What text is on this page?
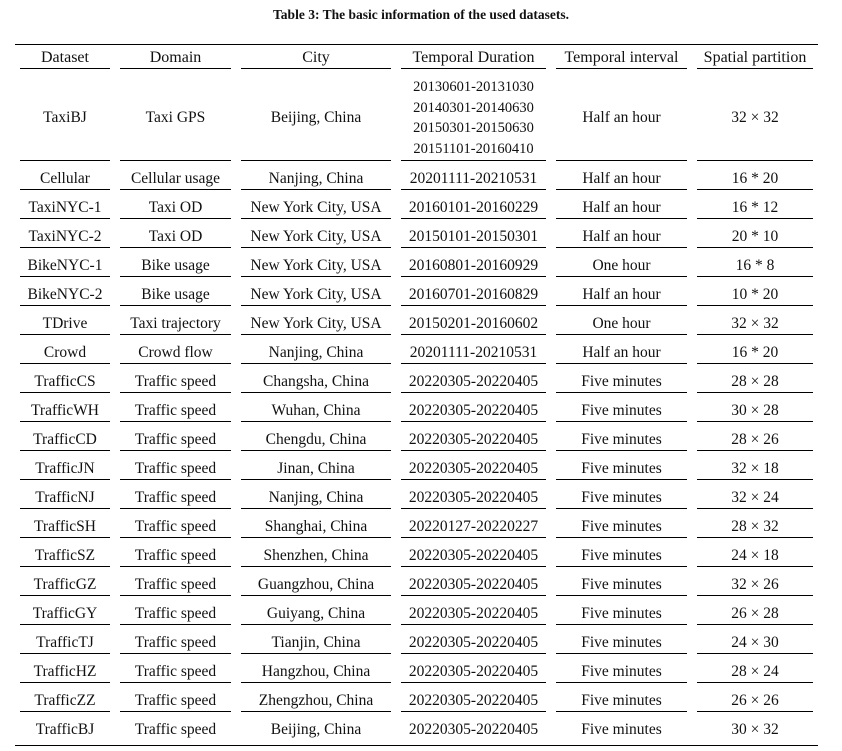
Table 3: The basic information of the used datasets.
Dataset	Domain	City	Temporal Duration	Temporal interval	Spatial partition

TaxiBJ	Taxi GPS	Beijing, China	20130601-20131030
20140301-20140630
20150301-20150630
20151101-20160410	Half an hour	32 × 32

Cellular	Cellular usage	Nanjing, China	20201111-20210531	Half an hour	16 * 20

TaxiNYC-1	Taxi OD	New York City, USA	20160101-20160229	Half an hour	16 * 12

TaxiNYC-2	Taxi OD	New York City, USA	20150101-20150301	Half an hour	20 * 10

BikeNYC-1	Bike usage	New York City, USA	20160801-20160929	One hour	16 * 8

BikeNYC-2	Bike usage	New York City, USA	20160701-20160829	Half an hour	10 * 20

TDrive	Taxi trajectory	New York City, USA	20150201-20160602	One hour	32 × 32

Crowd	Crowd flow	Nanjing, China	20201111-20210531	Half an hour	16 * 20

TrafficCS	Traffic speed	Changsha, China	20220305-20220405	Five minutes	28 × 28

TrafficWH	Traffic speed	Wuhan, China	20220305-20220405	Five minutes	30 × 28

TrafficCD	Traffic speed	Chengdu, China	20220305-20220405	Five minutes	28 × 26

TrafficJN	Traffic speed	Jinan, China	20220305-20220405	Five minutes	32 × 18

TrafficNJ	Traffic speed	Nanjing, China	20220305-20220405	Five minutes	32 × 24

TrafficSH	Traffic speed	Shanghai, China	20220127-20220227	Five minutes	28 × 32

TrafficSZ	Traffic speed	Shenzhen, China	20220305-20220405	Five minutes	24 × 18

TrafficGZ	Traffic speed	Guangzhou, China	20220305-20220405	Five minutes	32 × 26

TrafficGY	Traffic speed	Guiyang, China	20220305-20220405	Five minutes	26 × 28

TrafficTJ	Traffic speed	Tianjin, China	20220305-20220405	Five minutes	24 × 30

TrafficHZ	Traffic speed	Hangzhou, China	20220305-20220405	Five minutes	28 × 24

TrafficZZ	Traffic speed	Zhengzhou, China	20220305-20220405	Five minutes	26 × 26

TrafficBJ	Traffic speed	Beijing, China	20220305-20220405	Five minutes	30 × 32
